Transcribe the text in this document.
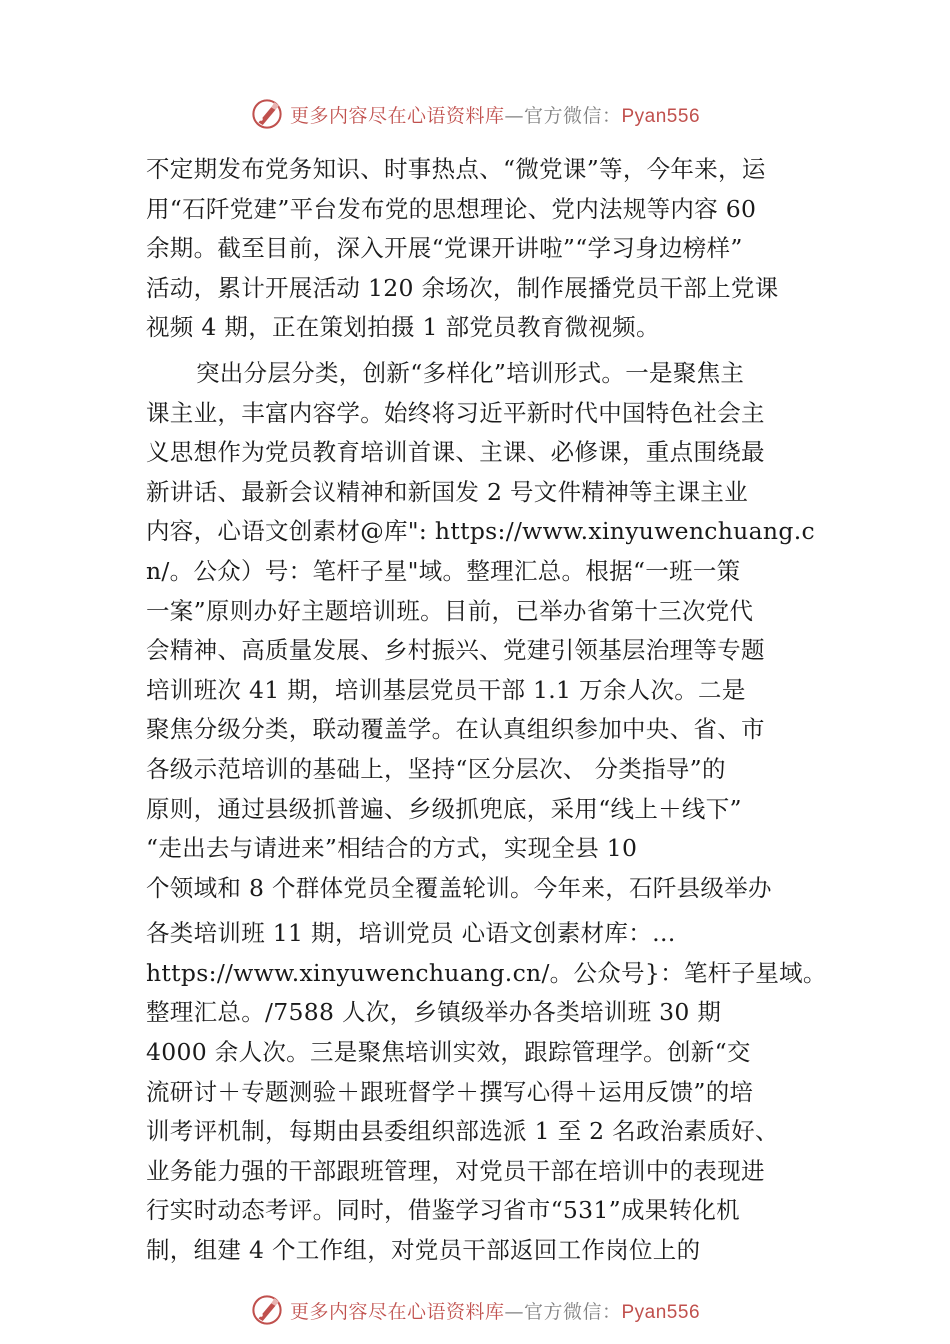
更多内容尽在心语资料库—官方微信：Pyan556
不定期发布党务知识、时事热点、“微党课”等，今年来，运
用“石阡党建”平台发布党的思想理论、党内法规等内容 60
余期。截至目前，深入开展“党课开讲啦”“学习身边榜样”
活动，累计开展活动 120 余场次，制作展播党员干部上党课
视频 4 期，正在策划拍摄 1 部党员教育微视频。
突出分层分类，创新“多样化”培训形式。一是聚焦主
课主业，丰富内容学。始终将习近平新时代中国特色社会主
义思想作为党员教育培训首课、主课、必修课，重点围绕最
新讲话、最新会议精神和新国发 2 号文件精神等主课主业
内容，心语文创素材@库": https://www.xinyuwenchuang.c
n/。公众）号：笔杆子星"域。整理汇总。根据“一班一策
一案”原则办好主题培训班。目前，已举办省第十三次党代
会精神、高质量发展、乡村振兴、党建引领基层治理等专题
培训班次 41 期，培训基层党员干部 1.1 万余人次。二是
聚焦分级分类，联动覆盖学。在认真组织参加中央、省、市
各级示范培训的基础上，坚持“区分层次、 分类指导”的
原则，通过县级抓普遍、乡级抓兜底，采用“线上＋线下”
“走出去与请进来”相结合的方式，实现全县 10
个领域和 8 个群体党员全覆盖轮训。今年来，石阡县级举办
各类培训班 11 期，培训党员 心语文创素材库：…
https://www.xinyuwenchuang.cn/。公众号}：笔杆子星域。
整理汇总。/7588 人次，乡镇级举办各类培训班 30 期
4000 余人次。三是聚焦培训实效，跟踪管理学。创新“交
流研讨＋专题测验＋跟班督学＋撰写心得＋运用反馈”的培
训考评机制，每期由县委组织部选派 1 至 2 名政治素质好、
业务能力强的干部跟班管理，对党员干部在培训中的表现进
行实时动态考评。同时，借鉴学习省市“531”成果转化机
制，组建 4 个工作组，对党员干部返回工作岗位上的
更多内容尽在心语资料库—官方微信：Pyan556
